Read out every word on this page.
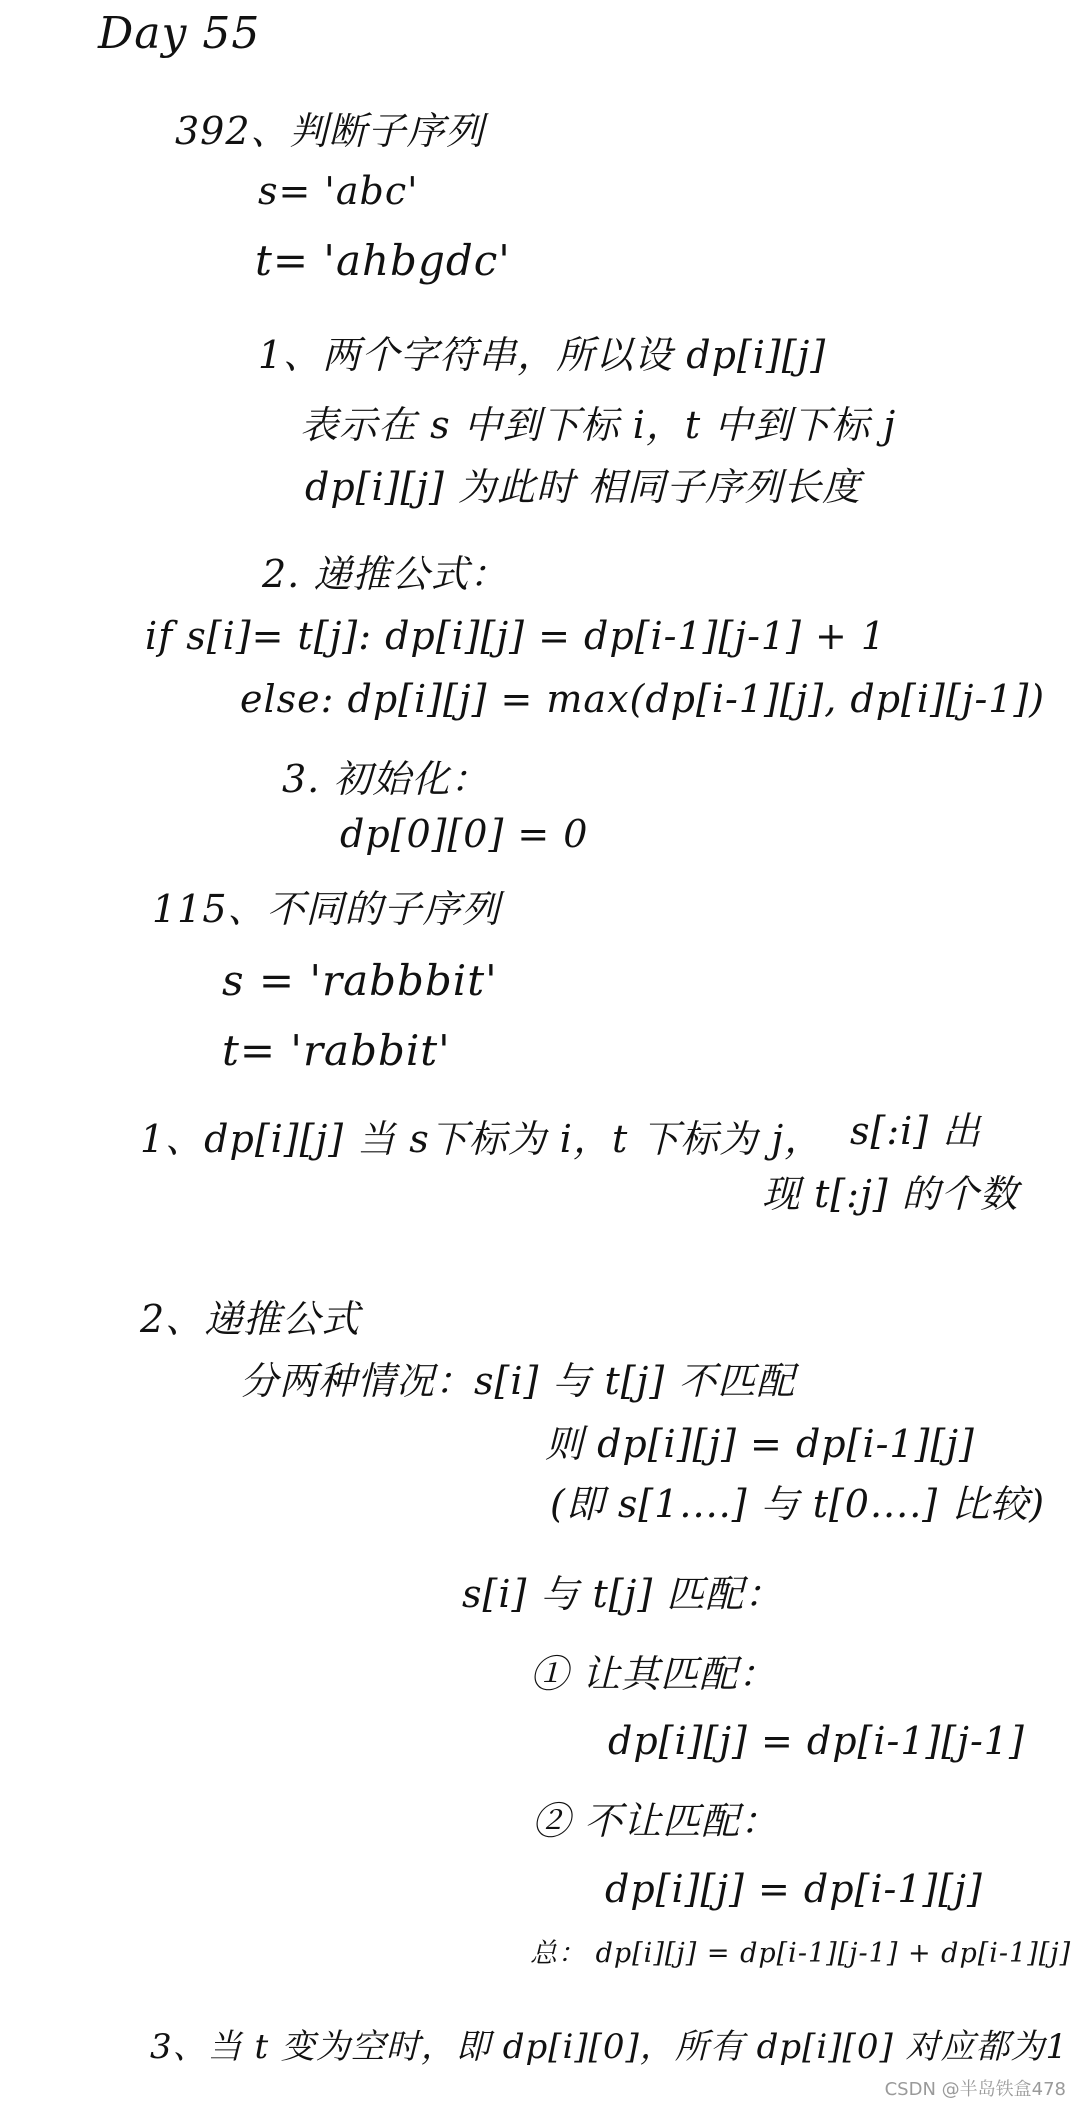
Day 55
392、判断子序列
s= 'abc'
t= 'ahbgdc'
1、两个字符串，所以设 dp[i][j]
表示在 s 中到下标 i，t 中到下标 j
dp[i][j] 为此时 相同子序列长度
2. 递推公式：
if s[i]= t[j]: dp[i][j] = dp[i-1][j-1] + 1
else: dp[i][j] = max(dp[i-1][j], dp[i][j-1])
3. 初始化：
dp[0][0] = 0
115、不同的子序列
s = 'rabbbit'
t= 'rabbit'
1、dp[i][j] 当 s下标为 i，t 下标为 j， s[:i] 出
现 t[:j] 的个数
2、递推公式
分两种情况：s[i] 与 t[j] 不匹配
则 dp[i][j] = dp[i-1][j]
(即 s[1....] 与 t[0....] 比较)
s[i] 与 t[j] 匹配：
① 让其匹配：
dp[i][j] = dp[i-1][j-1]
② 不让匹配：
dp[i][j] = dp[i-1][j]
总： dp[i][j] = dp[i-1][j-1] + dp[i-1][j]
3、当 t 变为空时，即 dp[i][0]，所有 dp[i][0] 对应都为1
CSDN @半岛铁盒478
